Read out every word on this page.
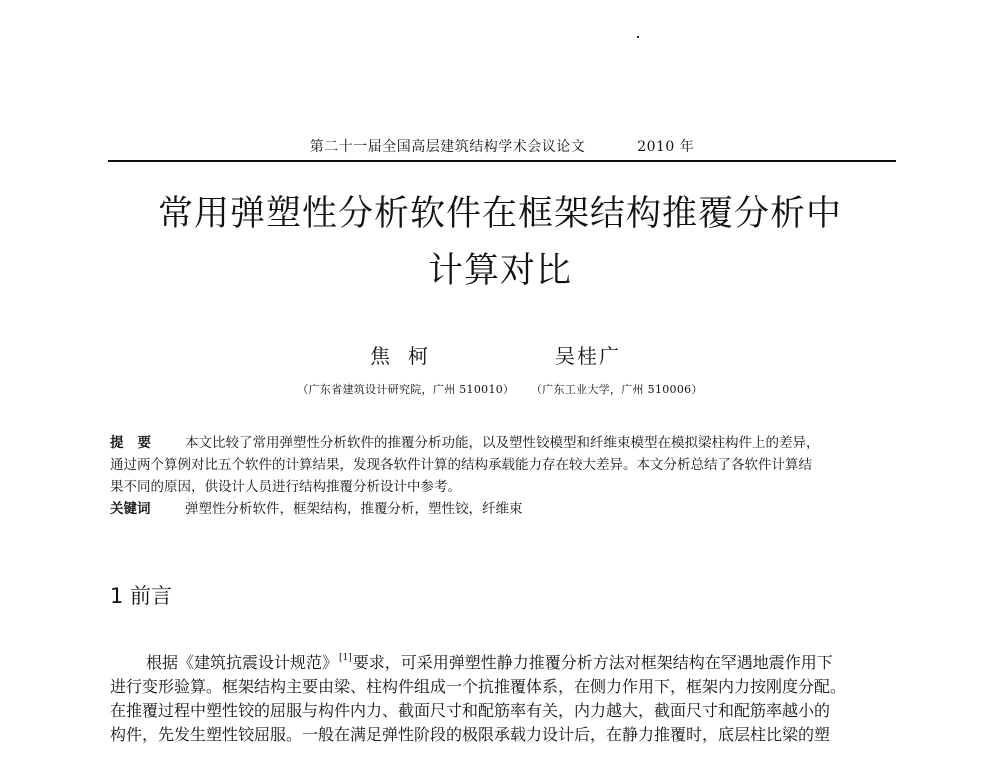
第二十一届全国高层建筑结构学术会议论文	2010 年
常用弹塑性分析软件在框架结构推覆分析中
计算对比
焦柯	吴桂广
（广东省建筑设计研究院，广州 510010） （广东工业大学，广州 510006）
提要 本文比较了常用弹塑性分析软件的推覆分析功能，以及塑性铰模型和纤维束模型在模拟梁柱构件上的差异，
通过两个算例对比五个软件的计算结果，发现各软件计算的结构承载能力存在较大差异。本文分析总结了各软件计算结
果不同的原因，供设计人员进行结构推覆分析设计中参考。
关键词	弹塑性分析软件，框架结构，推覆分析，塑性铰，纤维束
1 前言
根据《建筑抗震设计规范》[1]要求，可采用弹塑性静力推覆分析方法对框架结构在罕遇地震作用下
进行变形验算。框架结构主要由梁、柱构件组成一个抗推覆体系，在侧力作用下，框架内力按刚度分配。
在推覆过程中塑性铰的屈服与构件内力、截面尺寸和配筋率有关，内力越大，截面尺寸和配筋率越小的
构件，先发生塑性铰屈服。一般在满足弹性阶段的极限承载力设计后，在静力推覆时，底层柱比梁的塑
